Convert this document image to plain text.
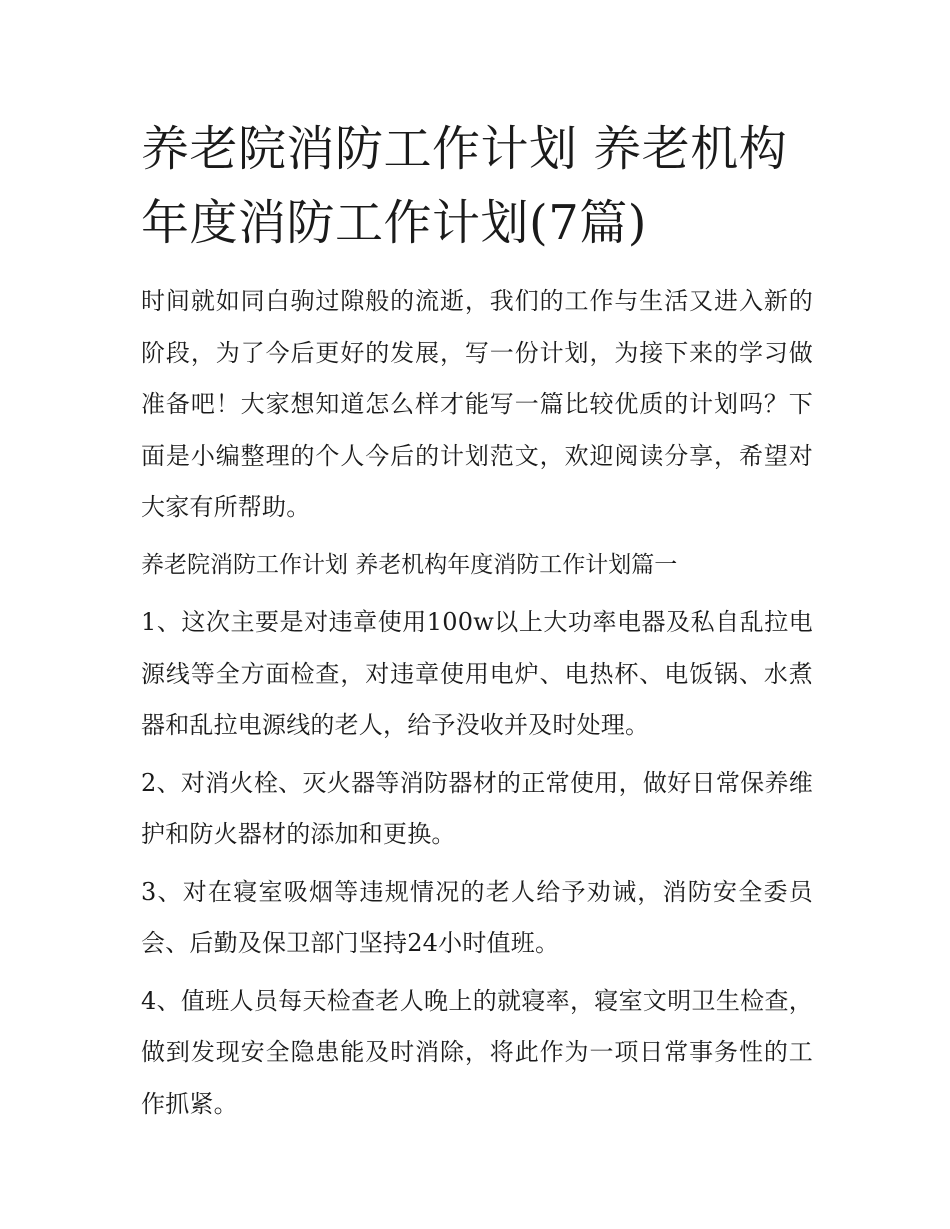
养老院消防工作计划 养老机构年度消防工作计划(7篇)

时间就如同白驹过隙般的流逝，我们的工作与生活又进入新的阶段，为了今后更好的发展，写一份计划，为接下来的学习做准备吧！大家想知道怎么样才能写一篇比较优质的计划吗？下面是小编整理的个人今后的计划范文，欢迎阅读分享，希望对大家有所帮助。

养老院消防工作计划 养老机构年度消防工作计划篇一

1、这次主要是对违章使用100w以上大功率电器及私自乱拉电源线等全方面检查，对违章使用电炉、电热杯、电饭锅、水煮器和乱拉电源线的老人，给予没收并及时处理。

2、对消火栓、灭火器等消防器材的正常使用，做好日常保养维护和防火器材的添加和更换。

3、对在寝室吸烟等违规情况的老人给予劝诫，消防安全委员会、后勤及保卫部门坚持24小时值班。

4、值班人员每天检查老人晚上的就寝率，寝室文明卫生检查，做到发现安全隐患能及时消除，将此作为一项日常事务性的工作抓紧。
